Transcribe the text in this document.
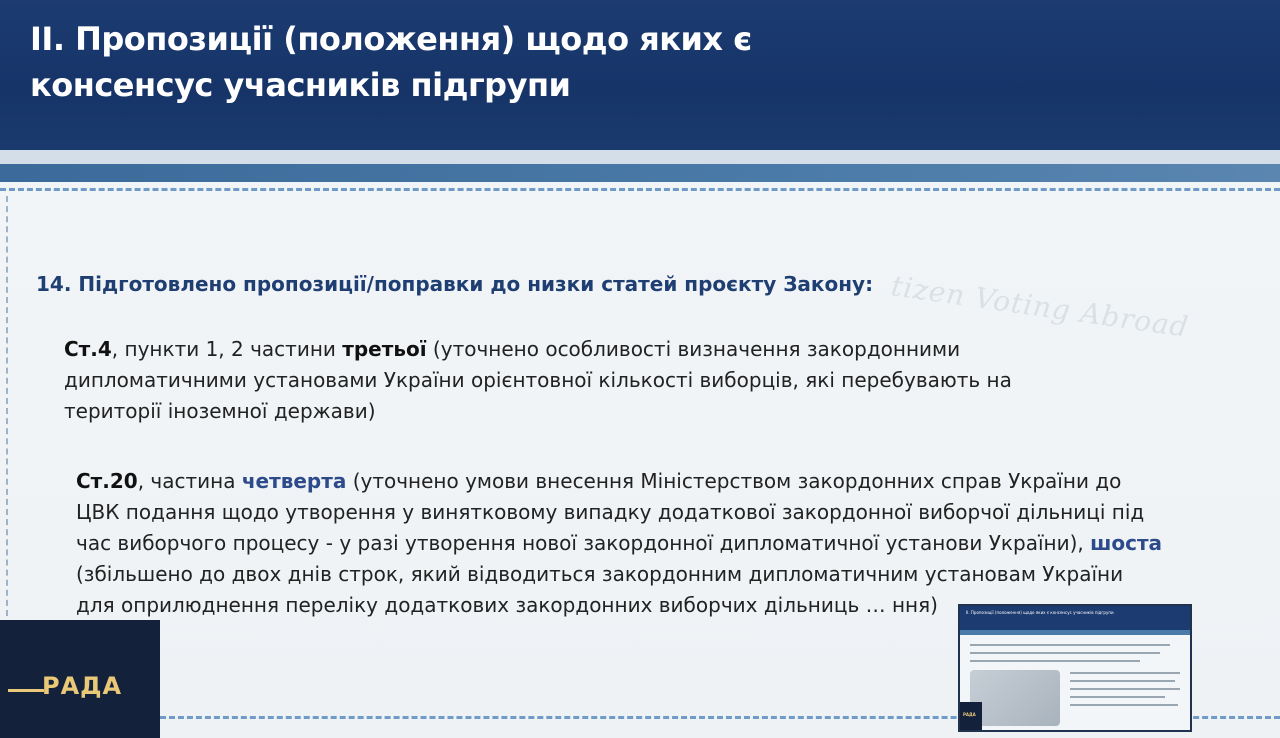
II. Пропозиції (положення) щодо яких є консенсус учасників підгрупи
tizen Voting Abroad
14. Підготовлено пропозиції/поправки до низки статей проєкту Закону:
Ст.4, пункти 1, 2 частини третьої (уточнено особливості визначення закордонними дипломатичними установами України орієнтовної кількості виборців, які перебувають на території іноземної держави)
Ст.20, частина четверта (уточнено умови внесення Міністерством закордонних справ України до ЦВК подання щодо утворення у винятковому випадку додаткової закордонної виборчої дільниці під час виборчого процесу - у разі утворення нової закордонної дипломатичної установи України), шоста (збільшено до двох днів строк, який відводиться закордонним дипломатичним установам України для оприлюднення переліку додаткових закордонних виборчих дільниць … ння)
РАДА
II. Пропозиції (положення) щодо яких є консенсус учасників підгрупи
РАДА
